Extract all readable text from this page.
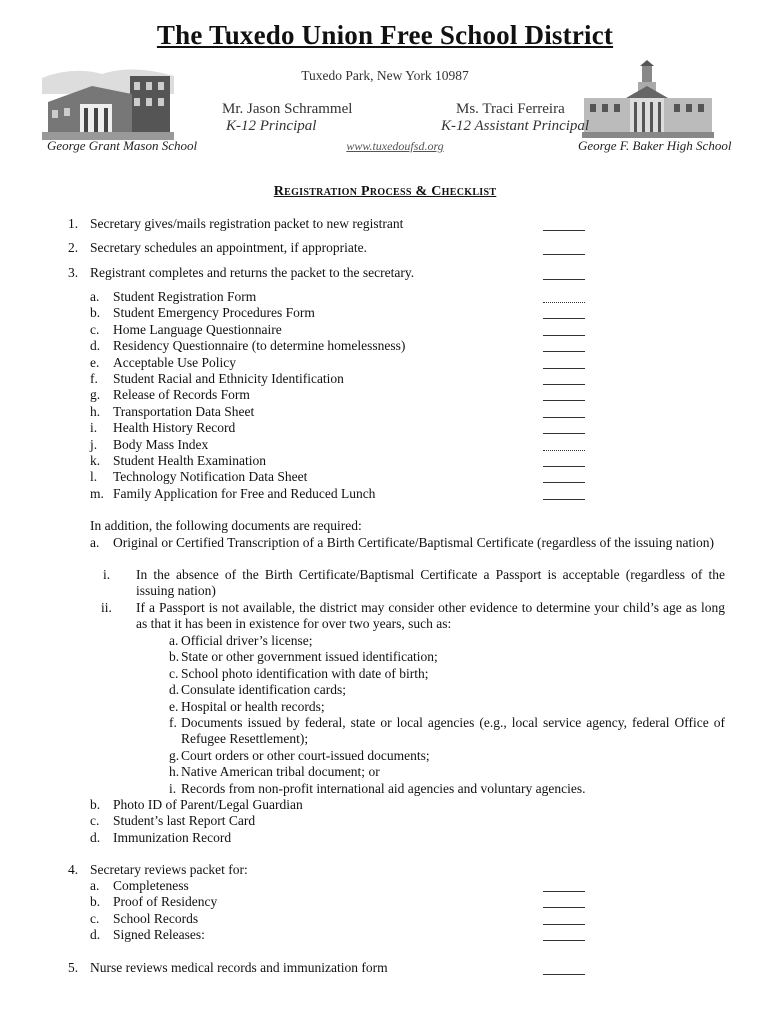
The Tuxedo Union Free School District
Tuxedo Park, New York 10987
George Grant Mason School	George F. Baker High School
Mr. Jason Schrammel
K-12 Principal
Ms. Traci Ferreira
K-12 Assistant Principal
www.tuxedoufsd.org
Registration Process & Checklist
1. Secretary gives/mails registration packet to new registrant
2. Secretary schedules an appointment, if appropriate.
3. Registrant completes and returns the packet to the secretary.
a. Student Registration Form
b. Student Emergency Procedures Form
c. Home Language Questionnaire
d. Residency Questionnaire (to determine homelessness)
e. Acceptable Use Policy
f. Student Racial and Ethnicity Identification
g. Release of Records Form
h. Transportation Data Sheet
i. Health History Record
j. Body Mass Index
k. Student Health Examination
l. Technology Notification Data Sheet
m. Family Application for Free and Reduced Lunch
In addition, the following documents are required:
a. Original or Certified Transcription of a Birth Certificate/Baptismal Certificate (regardless of the issuing nation)
i. In the absence of the Birth Certificate/Baptismal Certificate a Passport is acceptable (regardless of the issuing nation)
ii. If a Passport is not available, the district may consider other evidence to determine your child’s age as long as that it has been in existence for over two years, such as:
a. Official driver’s license;
b. State or other government issued identification;
c. School photo identification with date of birth;
d. Consulate identification cards;
e. Hospital or health records;
f. Documents issued by federal, state or local agencies (e.g., local service agency, federal Office of Refugee Resettlement);
g. Court orders or other court-issued documents;
h. Native American tribal document; or
i. Records from non-profit international aid agencies and voluntary agencies.
b. Photo ID of Parent/Legal Guardian
c. Student’s last Report Card
d. Immunization Record
4. Secretary reviews packet for:
a. Completeness
b. Proof of Residency
c. School Records
d. Signed Releases:
5. Nurse reviews medical records and immunization form
